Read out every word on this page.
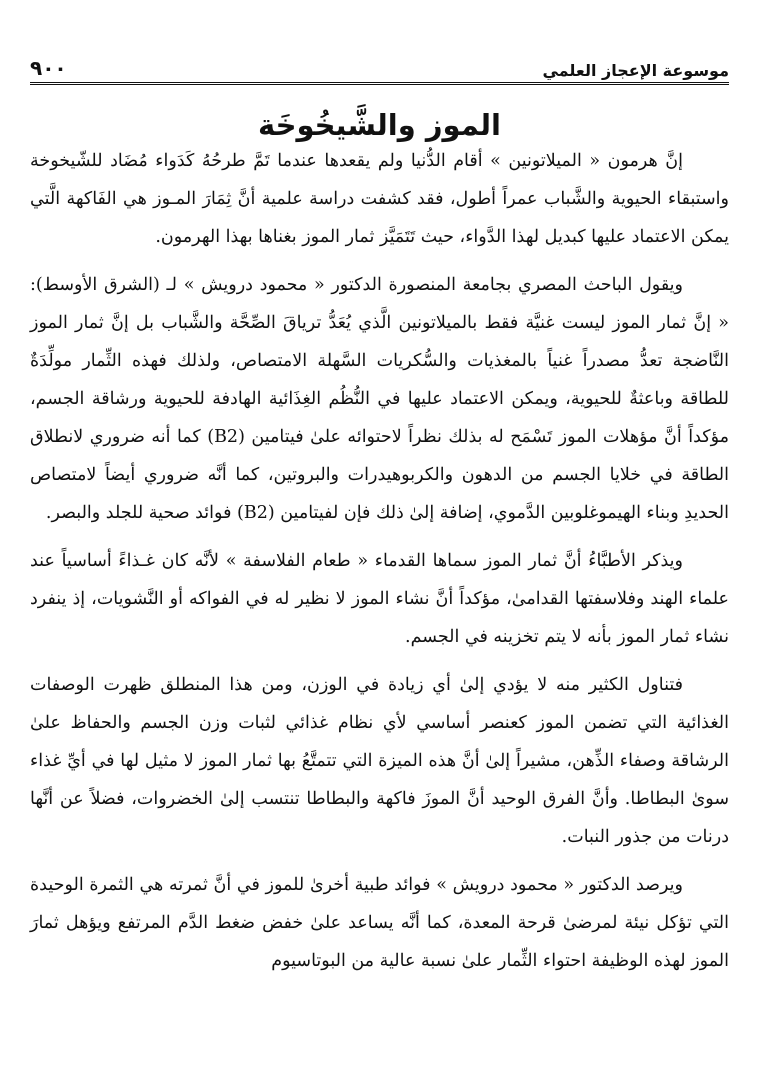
موسوعة الإعجاز العلمي
٩٠٠
الموز والشَّيخُوخَة

إنَّ هرمون « الميلاتونين » أقام الدُّنيا ولم يقعدها عندما تَمَّ طرحُهُ كَدَواء مُضَاد للشّيخوخة واستبقاء الحيوية والشَّباب عمراً أطول، فقد كشفت دراسة علمية أنَّ ثِمَارَ المـوز هي الفَاكهة الَّتي يمكن الاعتماد عليها كبديل لهذا الدَّواء، حيث تَتَمَيَّز ثمار الموز بغناها بهذا الهرمون.

ويقول الباحث المصري بجامعة المنصورة الدكتور « محمود درويش » لـ (الشرق الأوسط): « إنَّ ثمار الموز ليست غنيَّة فقط بالميلاتونين الَّذي يُعَدُّ ترياقَ الصِّحَّة والشَّباب بل إنَّ ثمار الموز النَّاضجة تعدُّ مصدراً غنياً بالمغذيات والسُّكريات السَّهلة الامتصاص، ولذلك فهذه الثِّمار مولِّدَةٌ للطاقة وباعثةٌ للحيوية، ويمكن الاعتماد عليها في النُّظُم الغِذَائية الهادفة للحيوية ورشاقة الجسم، مؤكداً أنَّ مؤهلات الموز تَسْمَح له بذلك نظراً لاحتوائه علىٰ فيتامين (B2) كما أنه ضروري لانطلاق الطاقة في خلايا الجسم من الدهون والكربوهيدرات والبروتين، كما أنَّه ضروري أيضاً لامتصاص الحديدِ وبناء الهيموغلوبين الدَّموي، إضافة إلىٰ ذلك فإن لفيتامين (B2) فوائد صحية للجلد والبصر.

ويذكر الأطبَّاءُ أنَّ ثمار الموز سماها القدماء « طعام الفلاسفة » لأنَّه كان غـذاءً أساسياً عند علماء الهند وفلاسفتها القدامىٰ، مؤكداً أنَّ نشاء الموز لا نظير له في الفواكه أو النَّشويات، إذ ينفرد نشاء ثمار الموز بأنه لا يتم تخزينه في الجسم.

فتناول الكثير منه لا يؤدي إلىٰ أي زيادة في الوزن، ومن هذا المنطلق ظهرت الوصفات الغذائية التي تضمن الموز كعنصر أساسي لأي نظام غذائي لثبات وزن الجسم والحفاظ علىٰ الرشاقة وصفاء الذِّهن، مشيراً إلىٰ أنَّ هذه الميزة التي تتمتَّعُ بها ثمار الموز لا مثيل لها في أيِّ غذاء سوىٰ البطاطا. وأنَّ الفرق الوحيد أنَّ الموزَ فاكهة والبطاطا تنتسب إلىٰ الخضروات، فضلاً عن أنَّها درنات من جذور النبات.

ويرصد الدكتور « محمود درويش » فوائد طبية أخرىٰ للموز في أنَّ ثمرته هي الثمرة الوحيدة التي تؤكل نيئة لمرضىٰ قرحة المعدة، كما أنَّه يساعد علىٰ خفض ضغط الدَّم المرتفع ويؤهل ثمارَ الموز لهذه الوظيفة احتواء الثِّمار علىٰ نسبة عالية من البوتاسيوم
